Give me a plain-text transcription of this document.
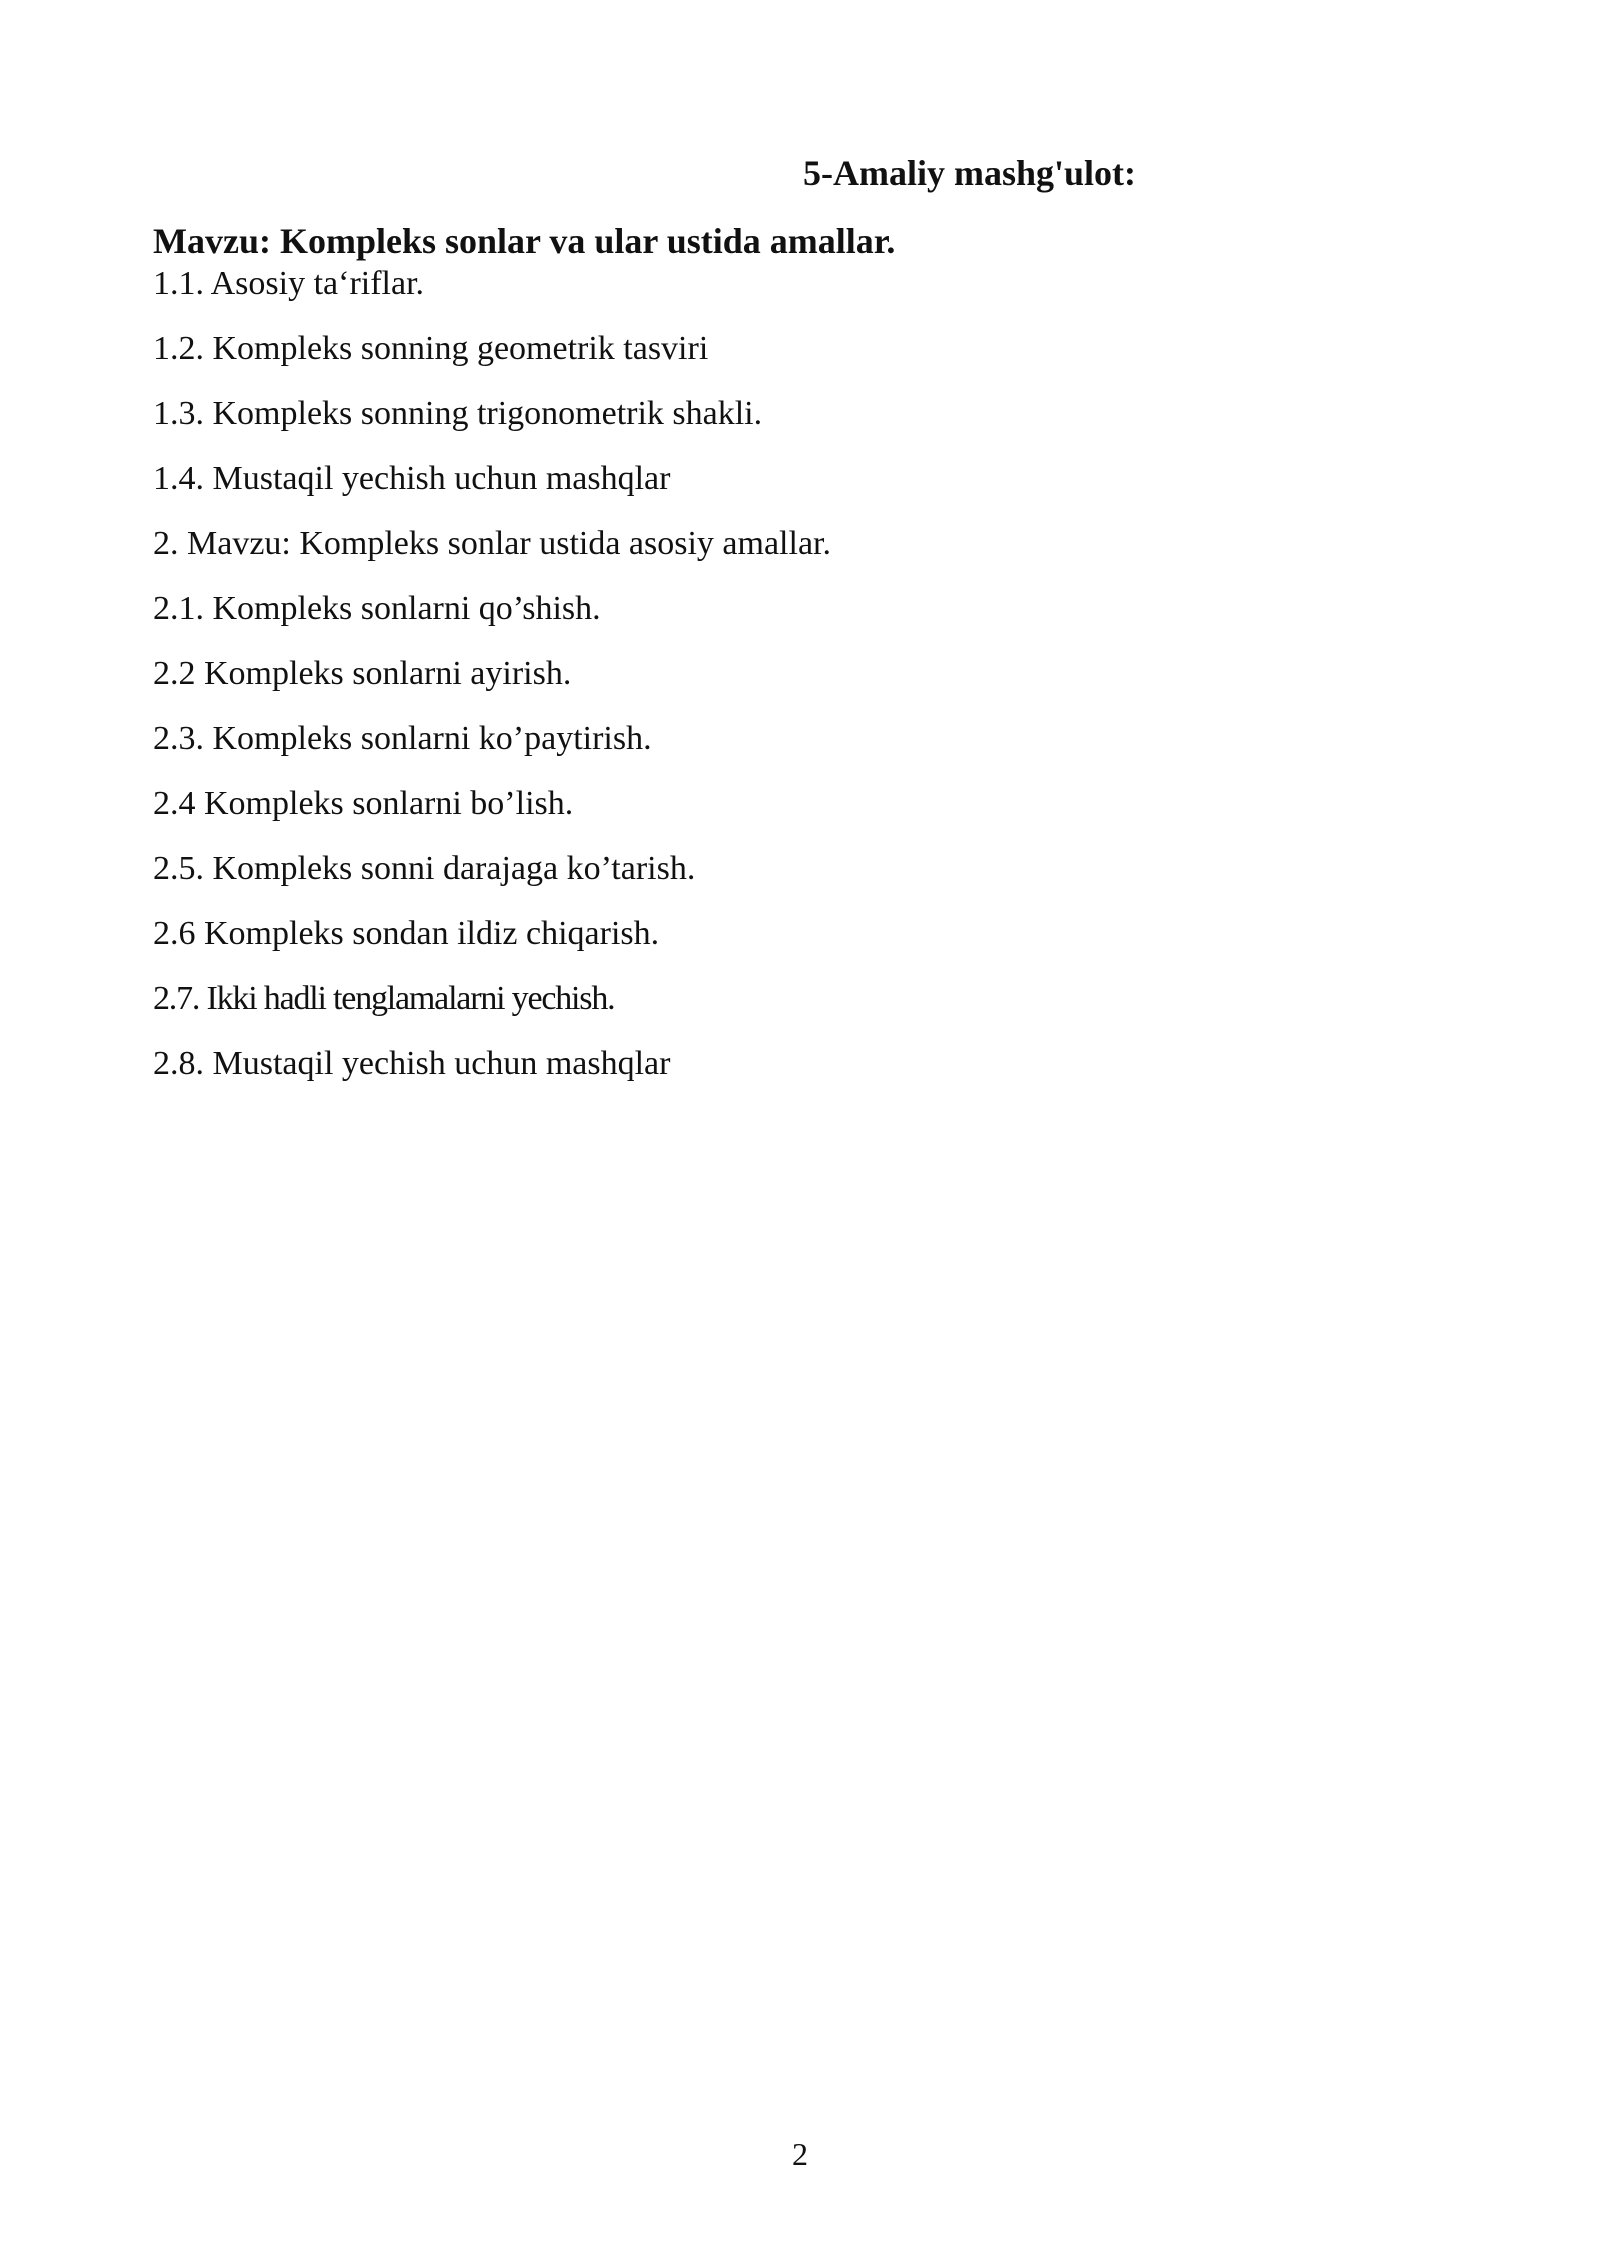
5-Amaliy mashg'ulot:
Mavzu: Kompleks sonlar va ular ustida amallar.
1.1. Asosiy ta‘riflar.
1.2. Kompleks sonning geometrik tasviri
1.3. Kompleks sonning trigonometrik shakli.
1.4. Mustaqil yechish uchun mashqlar
2. Mavzu: Kompleks sonlar ustida asosiy amallar.
2.1. Kompleks sonlarni qo’shish.
2.2 Kompleks sonlarni ayirish.
2.3. Kompleks sonlarni ko’paytirish.
2.4 Kompleks sonlarni bo’lish.
2.5. Kompleks sonni darajaga ko’tarish.
2.6 Kompleks sondan ildiz chiqarish.
2.7. Ikki hadli tenglamalarni yechish.
2.8. Mustaqil yechish uchun mashqlar
2
